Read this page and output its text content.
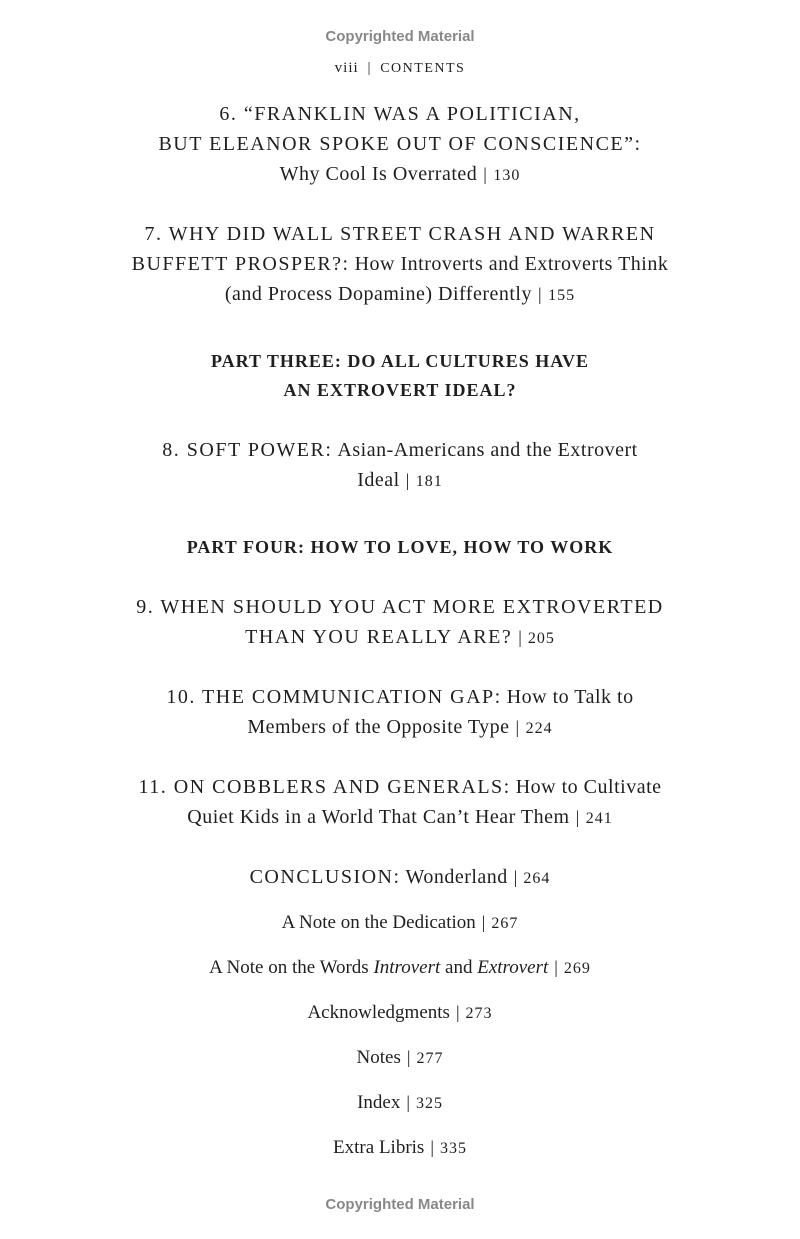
Copyrighted Material
viii | CONTENTS
6. “FRANKLIN WAS A POLITICIAN,
BUT ELEANOR SPOKE OUT OF CONSCIENCE”:
Why Cool Is Overrated | 130
7. WHY DID WALL STREET CRASH AND WARREN
BUFFETT PROSPER?: How Introverts and Extroverts Think
(and Process Dopamine) Differently | 155
PART THREE: DO ALL CULTURES HAVE
AN EXTROVERT IDEAL?
8. SOFT POWER: Asian-Americans and the Extrovert
Ideal | 181
PART FOUR: HOW TO LOVE, HOW TO WORK
9. WHEN SHOULD YOU ACT MORE EXTROVERTED
THAN YOU REALLY ARE? | 205
10. THE COMMUNICATION GAP: How to Talk to
Members of the Opposite Type | 224
11. ON COBBLERS AND GENERALS: How to Cultivate
Quiet Kids in a World That Can’t Hear Them | 241
CONCLUSION: Wonderland | 264
A Note on the Dedication | 267
A Note on the Words Introvert and Extrovert | 269
Acknowledgments | 273
Notes | 277
Index | 325
Extra Libris | 335
Copyrighted Material
